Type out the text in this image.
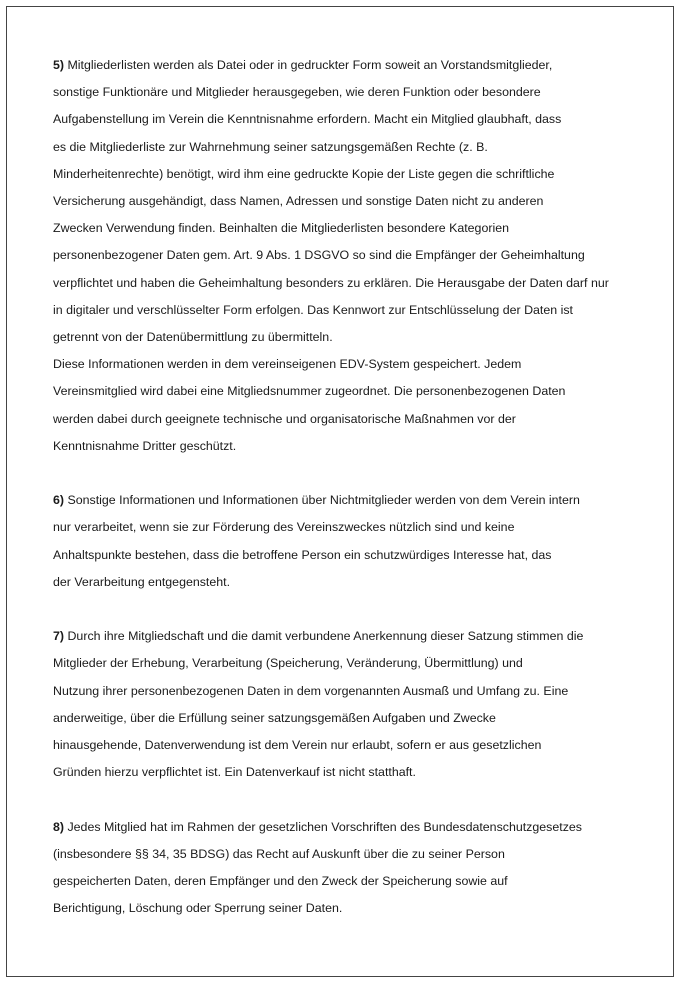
5) Mitgliederlisten werden als Datei oder in gedruckter Form soweit an Vorstandsmitglieder,
sonstige Funktionäre und Mitglieder herausgegeben, wie deren Funktion oder besondere
Aufgabenstellung im Verein die Kenntnisnahme erfordern. Macht ein Mitglied glaubhaft, dass
es die Mitgliederliste zur Wahrnehmung seiner satzungsgemäßen Rechte (z. B.
Minderheitenrechte) benötigt, wird ihm eine gedruckte Kopie der Liste gegen die schriftliche
Versicherung ausgehändigt, dass Namen, Adressen und sonstige Daten nicht zu anderen
Zwecken Verwendung finden. Beinhalten die Mitgliederlisten besondere Kategorien
personenbezogener Daten gem. Art. 9 Abs. 1 DSGVO so sind die Empfänger der Geheimhaltung
verpflichtet und haben die Geheimhaltung besonders zu erklären. Die Herausgabe der Daten darf nur
in digitaler und verschlüsselter Form erfolgen. Das Kennwort zur Entschlüsselung der Daten ist
getrennt von der Datenübermittlung zu übermitteln.
Diese Informationen werden in dem vereinseigenen EDV-System gespeichert. Jedem
Vereinsmitglied wird dabei eine Mitgliedsnummer zugeordnet. Die personenbezogenen Daten
werden dabei durch geeignete technische und organisatorische Maßnahmen vor der
Kenntnisnahme Dritter geschützt.

6) Sonstige Informationen und Informationen über Nichtmitglieder werden von dem Verein intern
nur verarbeitet, wenn sie zur Förderung des Vereinszweckes nützlich sind und keine
Anhaltspunkte bestehen, dass die betroffene Person ein schutzwürdiges Interesse hat, das
der Verarbeitung entgegensteht.

7) Durch ihre Mitgliedschaft und die damit verbundene Anerkennung dieser Satzung stimmen die
Mitglieder der Erhebung, Verarbeitung (Speicherung, Veränderung, Übermittlung) und
Nutzung ihrer personenbezogenen Daten in dem vorgenannten Ausmaß und Umfang zu. Eine
anderweitige, über die Erfüllung seiner satzungsgemäßen Aufgaben und Zwecke
hinausgehende, Datenverwendung ist dem Verein nur erlaubt, sofern er aus gesetzlichen
Gründen hierzu verpflichtet ist. Ein Datenverkauf ist nicht statthaft.

8) Jedes Mitglied hat im Rahmen der gesetzlichen Vorschriften des Bundesdatenschutzgesetzes
(insbesondere §§ 34, 35 BDSG) das Recht auf Auskunft über die zu seiner Person
gespeicherten Daten, deren Empfänger und den Zweck der Speicherung sowie auf
Berichtigung, Löschung oder Sperrung seiner Daten.
